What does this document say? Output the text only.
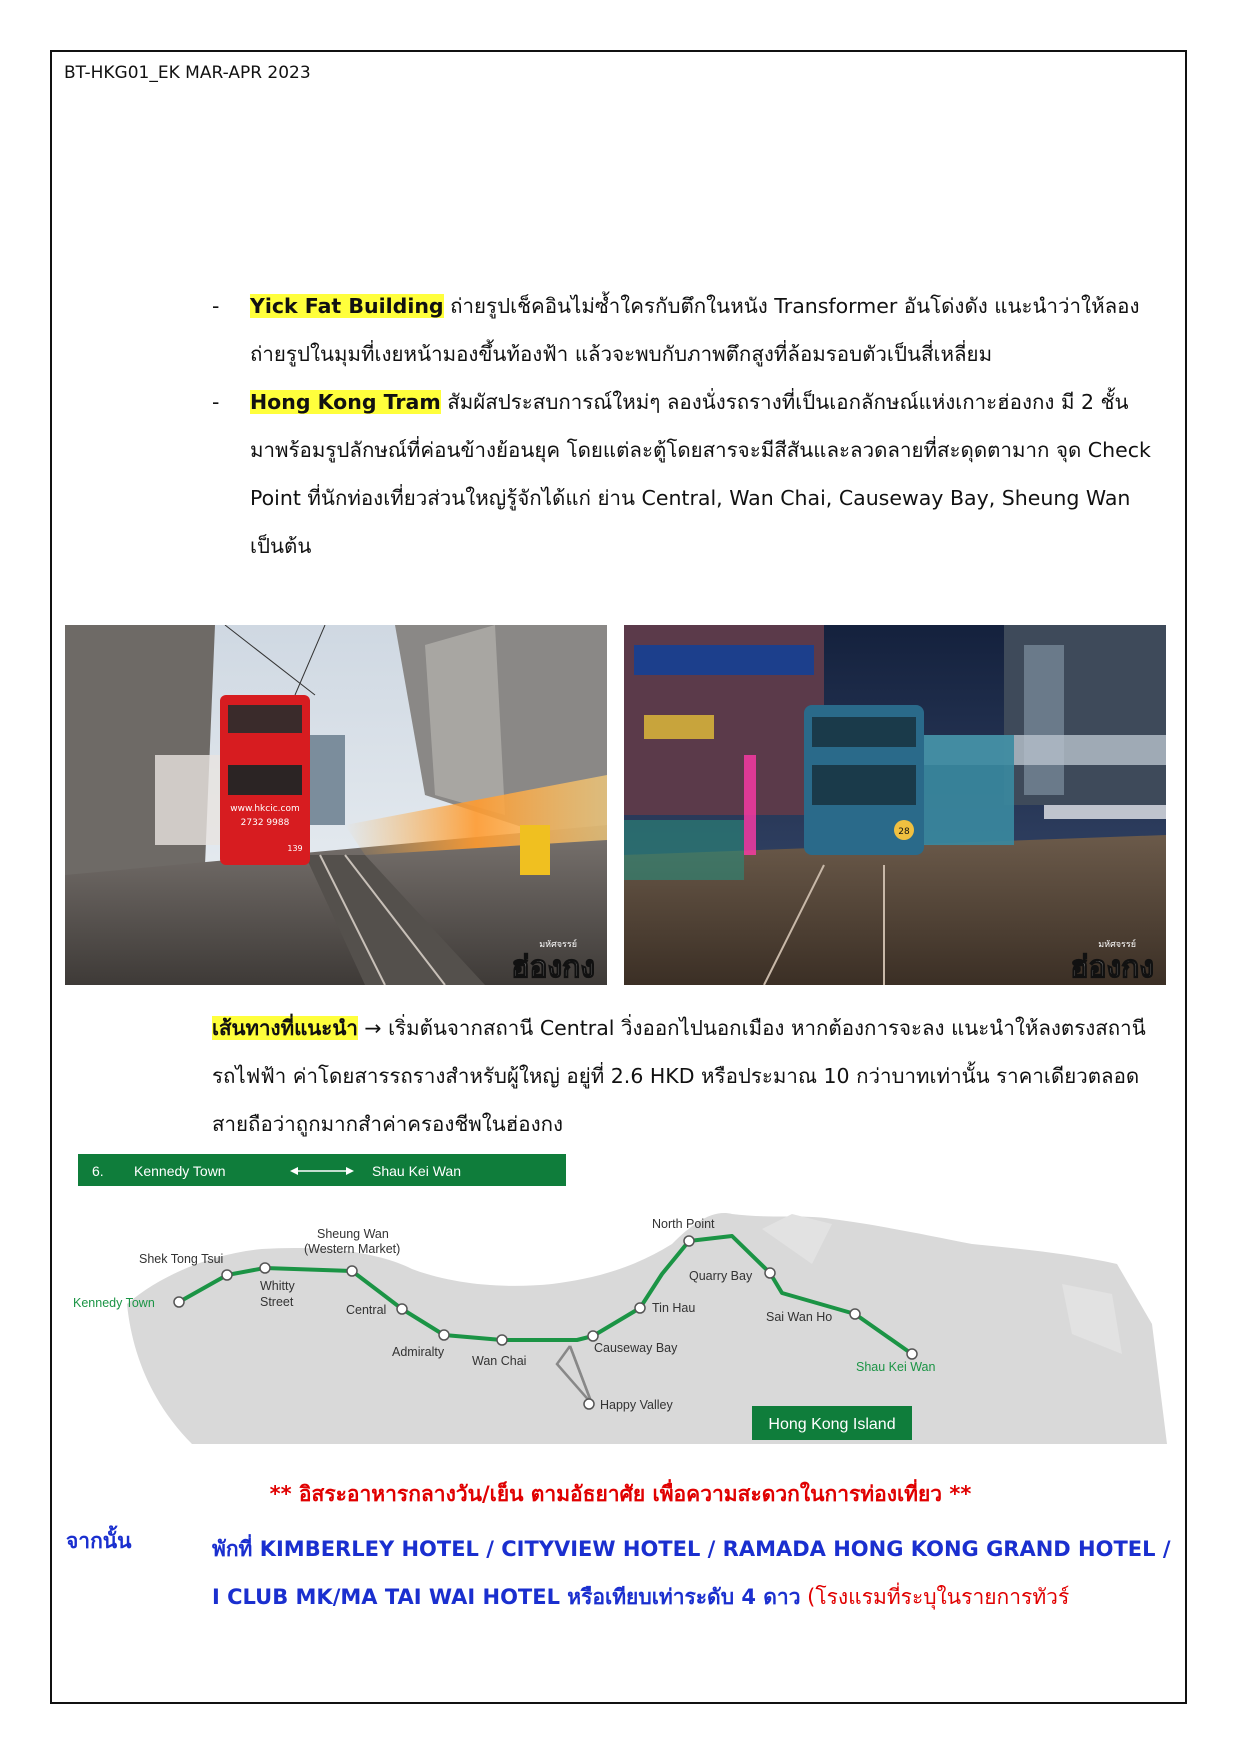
BT-HKG01_EK MAR-APR 2023
- Yick Fat Building ถ่ายรูปเช็คอินไม่ซ้ำใครกับตึกในหนัง Transformer อันโด่งดัง แนะนำว่าให้ลองถ่ายรูปในมุมที่เงยหน้ามองขึ้นท้องฟ้า แล้วจะพบกับภาพตึกสูงที่ล้อมรอบตัวเป็นสี่เหลี่ยม
- Hong Kong Tram สัมผัสประสบการณ์ใหม่ๆ ลองนั่งรถรางที่เป็นเอกลักษณ์แห่งเกาะฮ่องกง มี 2 ชั้นมาพร้อมรูปลักษณ์ที่ค่อนข้างย้อนยุค โดยแต่ละตู้โดยสารจะมีสีสันและลวดลายที่สะดุดตามาก จุด Check Point ที่นักท่องเที่ยวส่วนใหญ่รู้จักได้แก่ ย่าน Central, Wan Chai, Causeway Bay, Sheung Wan เป็นต้น
www.hkcic.com
2732 9988
139
มหัศจรรย์
ฮ่องกง
28
มหัศจรรย์
ฮ่องกง
เส้นทางที่แนะนำ → เริ่มต้นจากสถานี Central วิ่งออกไปนอกเมือง หากต้องการจะลง แนะนำให้ลงตรงสถานีรถไฟฟ้า ค่าโดยสารรถรางสำหรับผู้ใหญ่ อยู่ที่ 2.6 HKD หรือประมาณ 10 กว่าบาทเท่านั้น ราคาเดียวตลอดสายถือว่าถูกมากสำค่าครองชีพในฮ่องกง
6. Kennedy Town	Shau Kei Wan
Kennedy Town
Shek Tong Tsui
Whitty
Street
Sheung Wan
(Western Market)
Central
Admiralty
Wan Chai
Causeway Bay
Happy Valley
Tin Hau
North Point
Quarry Bay
Sai Wan Ho
Shau Kei Wan
Hong Kong Island
** อิสระอาหารกลางวัน/เย็น ตามอัธยาศัย เพื่อความสะดวกในการท่องเที่ยว **
จากนั้น	พักที่ KIMBERLEY HOTEL / CITYVIEW HOTEL / RAMADA HONG KONG GRAND HOTEL / I CLUB MK/MA TAI WAI HOTEL หรือเทียบเท่าระดับ 4 ดาว (โรงแรมที่ระบุในรายการทัวร์
